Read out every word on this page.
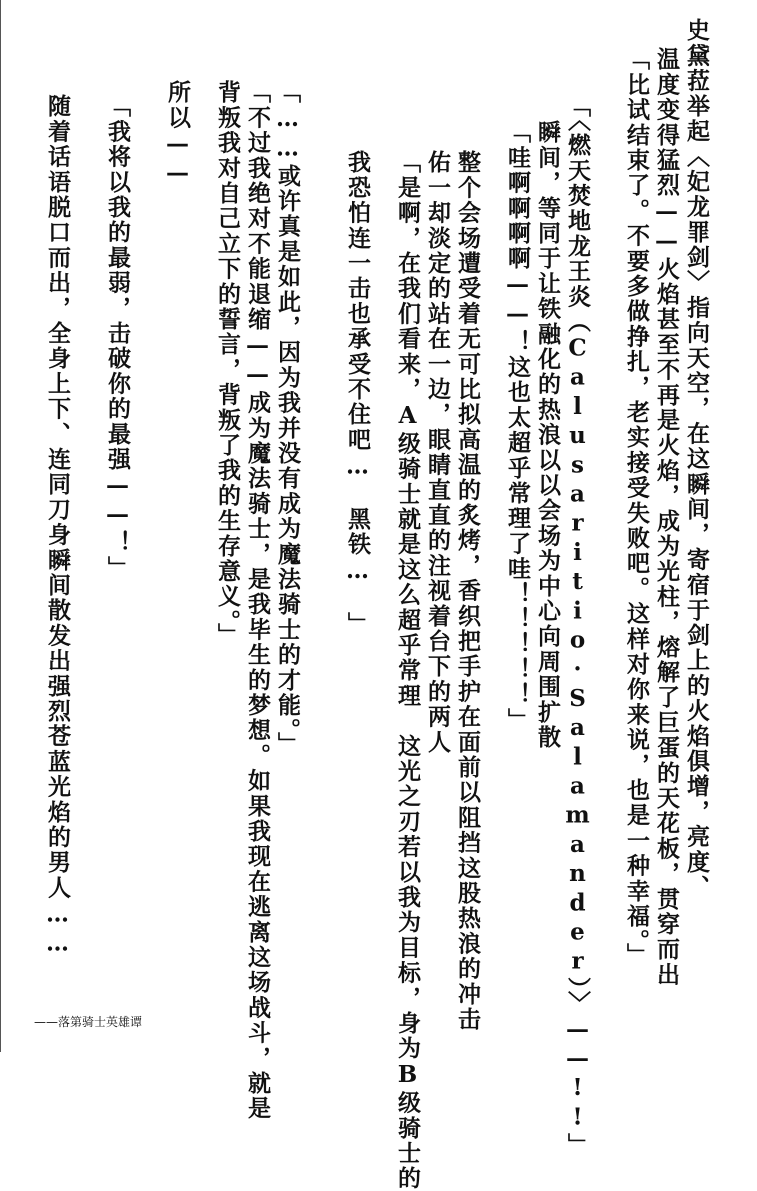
史黛菈举起〈妃龙罪剑〉指向天空，在这瞬间，寄宿于剑上的火焰俱增，亮度、
温度变得猛烈——火焰甚至不再是火焰，成为光柱，熔解了巨蛋的天花板，贯穿而出
「比试结束了。不要多做挣扎，老实接受失败吧。这样对你来说，也是一种幸福。」
「〈燃天焚地龙王炎（Calusaritio·Salamander）〉——!!」
瞬间，等同于让铁融化的热浪以以会场为中心向周围扩散
「哇啊啊啊啊——！这也太超乎常理了哇！！！！！」
整个会场遭受着无可比拟高温的炙烤，香织把手护在面前以阻挡这股热浪的冲击
佑一却淡定的站在一边，眼睛直直的注视着台下的两人
「是啊，在我们看来，A级骑士就是这么超乎常理　这光之刃若以我为目标，身为B级骑士的
我恐怕连一击也承受不住吧…　黑铁…　」
「……或许真是如此，因为我并没有成为魔法骑士的才能。」
「不过我绝对不能退缩——成为魔法骑士，是我毕生的梦想。如果我现在逃离这场战斗，就是
背叛我对自己立下的誓言，背叛了我的生存意义。」
所以——
「我将以我的最弱，击破你的最强——！」
随着话语脱口而出，全身上下、连同刀身瞬间散发出强烈苍蓝光焰的男人……
——落第骑士英雄谭
